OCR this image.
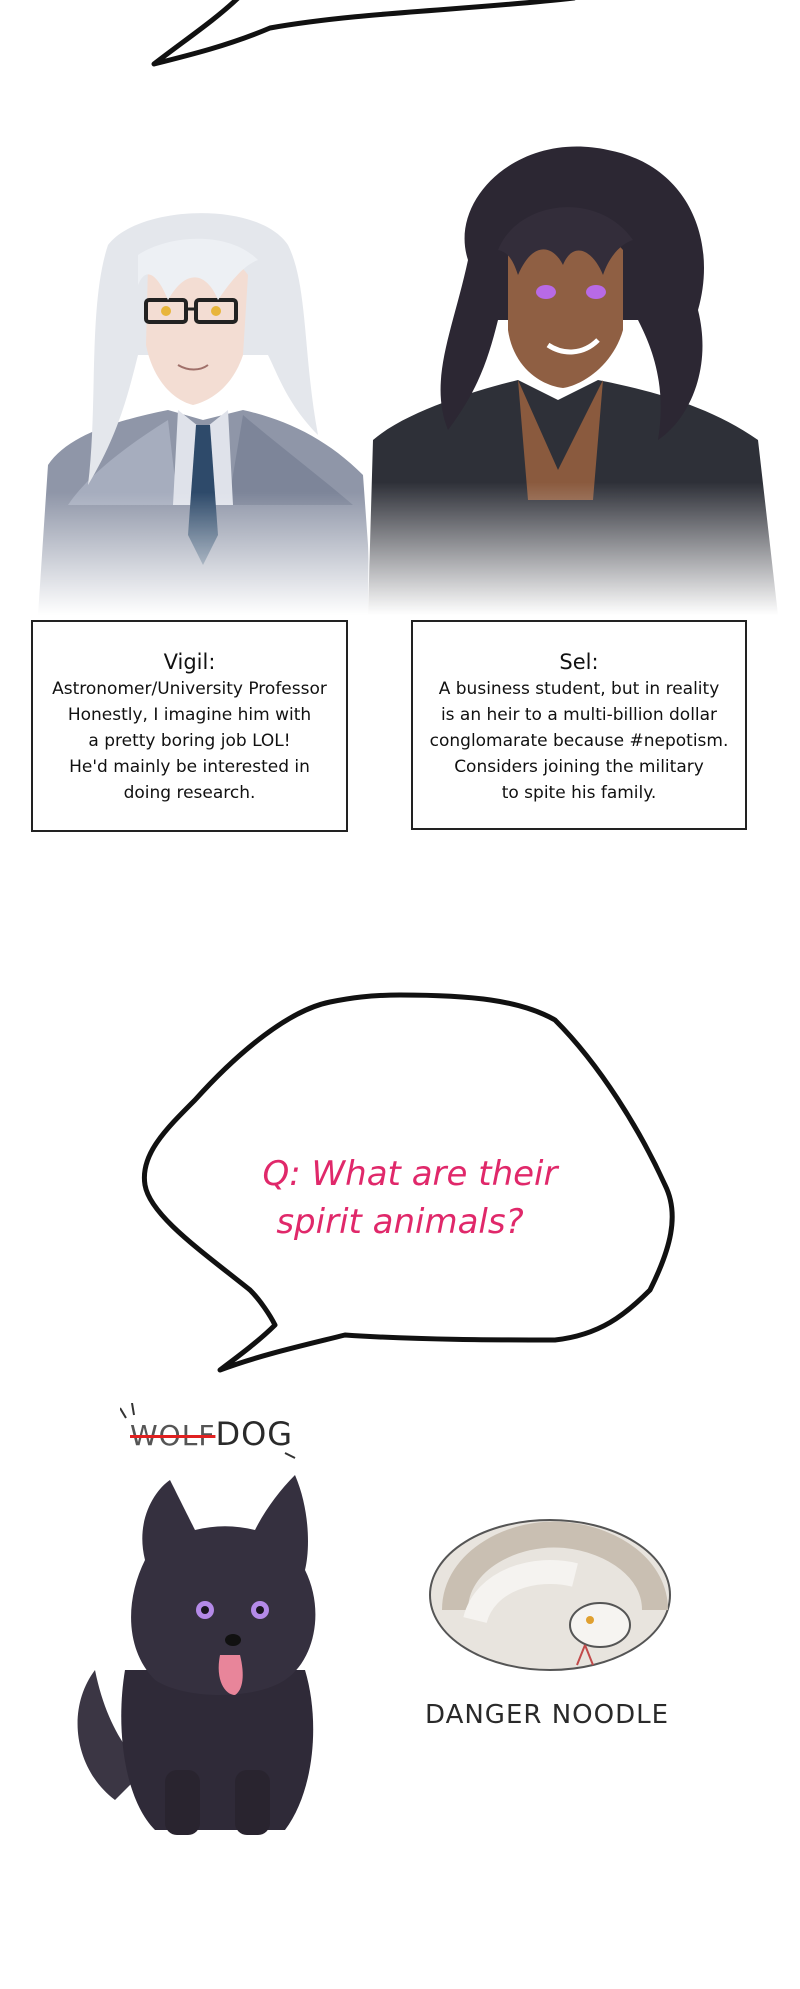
Vigil:
Astronomer/University Professor
Honestly, I imagine him with
a pretty boring job LOL!
He'd mainly be interested in
doing research.
Sel:
A business student, but in reality
is an heir to a multi-billion dollar
conglomarate because #nepotism.
Considers joining the military
to spite his family.
Q: What are their
spirit animals?
WOLFDOG
DANGER NOODLE
